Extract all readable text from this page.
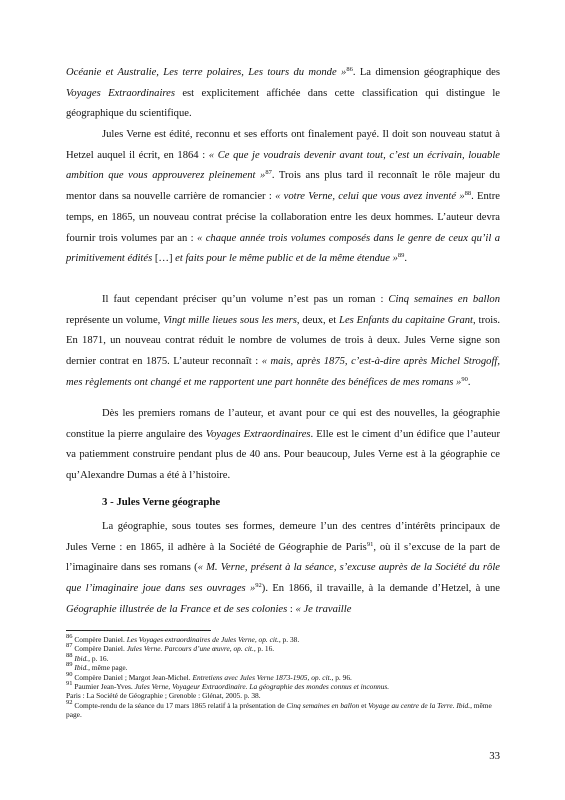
Océanie et Australie, Les terre polaires, Les tours du monde »$^{86}$. La dimension géographique des Voyages Extraordinaires est explicitement affichée dans cette classification qui distingue le géographique du scientifique.

Jules Verne est édité, reconnu et ses efforts ont finalement payé. Il doit son nouveau statut à Hetzel auquel il écrit, en 1864 : « Ce que je voudrais devenir avant tout, c’est un écrivain, louable ambition que vous approuverez pleinement »$^{87}$. Trois ans plus tard il reconnaît le rôle majeur du mentor dans sa nouvelle carrière de romancier : « votre Verne, celui que vous avez inventé »$^{88}$. Entre temps, en 1865, un nouveau contrat précise la collaboration entre les deux hommes. L’auteur devra fournir trois volumes par an : « chaque année trois volumes composés dans le genre de ceux qu’il a primitivement édités […] et faits pour le même public et de la même étendue »$^{89}$.

Il faut cependant préciser qu’un volume n’est pas un roman : Cinq semaines en ballon représente un volume, Vingt mille lieues sous les mers, deux, et Les Enfants du capitaine Grant, trois. En 1871, un nouveau contrat réduit le nombre de volumes de trois à deux. Jules Verne signe son dernier contrat en 1875. L’auteur reconnaît : « mais, après 1875, c’est-à-dire après Michel Strogoff, mes règlements ont changé et me rapportent une part honnête des bénéfices de mes romans »$^{90}$.

Dès les premiers romans de l’auteur, et avant pour ce qui est des nouvelles, la géographie constitue la pierre angulaire des Voyages Extraordinaires. Elle est le ciment d’un édifice que l’auteur va patiemment construire pendant plus de 40 ans. Pour beaucoup, Jules Verne est à la géographie ce qu’Alexandre Dumas a été à l’histoire.

3 - Jules Verne géographe

La géographie, sous toutes ses formes, demeure l’un des centres d’intérêts principaux de Jules Verne : en 1865, il adhère à la Société de Géographie de Paris$^{91}$, où il s’excuse de la part de l’imaginaire dans ses romans (« M. Verne, présent à la séance, s’excuse auprès de la Société du rôle que l’imaginaire joue dans ses ouvrages »$^{92}$). En 1866, il travaille, à la demande d’Hetzel, à une Géographie illustrée de la France et de ses colonies : « Je travaille

$^{86}$ Compère Daniel. Les Voyages extraordinaires de Jules Verne, op. cit., p. 38.

$^{87}$ Compère Daniel. Jules Verne. Parcours d’une œuvre, op. cit., p. 16.

$^{88}$ Ibid., p. 16.

$^{89}$ Ibid., même page.

$^{90}$ Compère Daniel ; Margot Jean-Michel. Entretiens avec Jules Verne 1873-1905, op. cit., p. 96.

$^{91}$ Paumier Jean-Yves. Jules Verne, Voyageur Extraordinaire. La géographie des mondes connus et inconnus.
Paris : La Société de Géographie ; Grenoble : Glénat, 2005. p. 38.

$^{92}$ Compte-rendu de la séance du 17 mars 1865 relatif à la présentation de Cinq semaines en ballon et Voyage au centre de la Terre. Ibid., même page.

33
